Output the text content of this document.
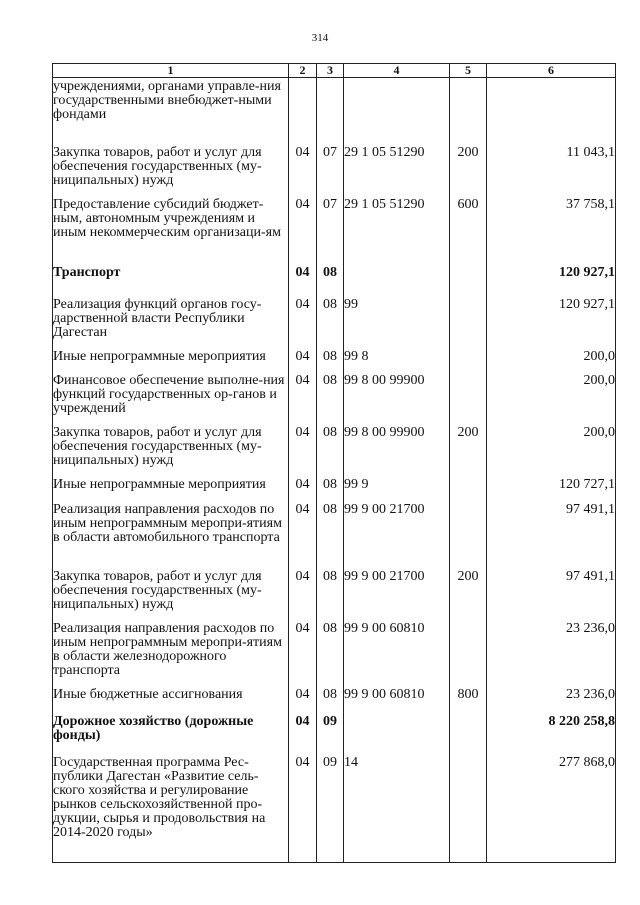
314
1	2	3	4	5	6
учреждениями, органами управле-ния государственными внебюджет-ными фондами					
Закупка товаров, работ и услуг для обеспечения государственных (му-ниципальных) нужд	04	07	29 1 05 51290	200	11 043,1
Предоставление субсидий бюджет-ным, автономным учреждениям и иным некоммерческим организаци-ям	04	07	29 1 05 51290	600	37 758,1
Транспорт	04	08			120 927,1
Реализация функций органов госу-дарственной власти Республики Дагестан	04	08	99		120 927,1
Иные непрограммные мероприятия	04	08	99 8		200,0
Финансовое обеспечение выполне-ния функций государственных ор-ганов и учреждений	04	08	99 8 00 99900		200,0
Закупка товаров, работ и услуг для обеспечения государственных (му-ниципальных) нужд	04	08	99 8 00 99900	200	200,0
Иные непрограммные мероприятия	04	08	99 9		120 727,1
Реализация направления расходов по иным непрограммным меропри-ятиям в области автомобильного транспорта	04	08	99 9 00 21700		97 491,1
Закупка товаров, работ и услуг для обеспечения государственных (му-ниципальных) нужд	04	08	99 9 00 21700	200	97 491,1
Реализация направления расходов по иным непрограммным меропри-ятиям в области железнодорожного транспорта	04	08	99 9 00 60810		23 236,0
Иные бюджетные ассигнования	04	08	99 9 00 60810	800	23 236,0
Дорожное хозяйство (дорожные фонды)	04	09			8 220 258,8
Государственная программа Рес-публики Дагестан «Развитие сель-ского хозяйства и регулирование рынков сельскохозяйственной про-дукции, сырья и продовольствия на 2014-2020 годы»	04	09	14		277 868,0
